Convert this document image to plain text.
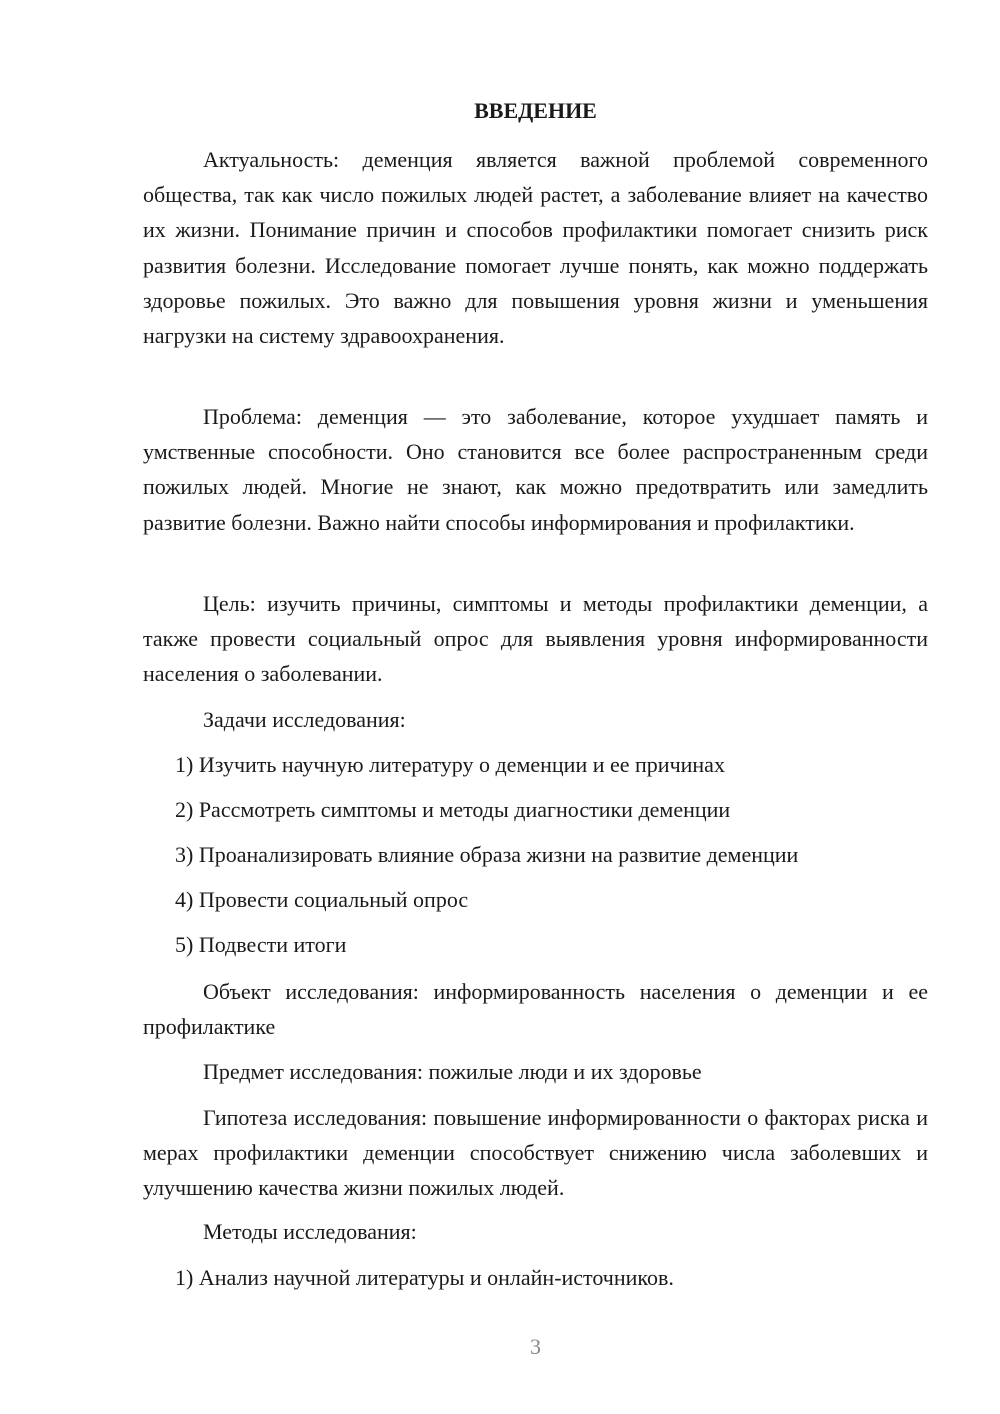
ВВЕДЕНИЕ

Актуальность: деменция является важной проблемой современного общества, так как число пожилых людей растет, а заболевание влияет на качество их жизни. Понимание причин и способов профилактики помогает снизить риск развития болезни. Исследование помогает лучше понять, как можно поддержать здоровье пожилых. Это важно для повышения уровня жизни и уменьшения нагрузки на систему здравоохранения.

Проблема: деменция — это заболевание, которое ухудшает память и умственные способности. Оно становится все более распространенным среди пожилых людей. Многие не знают, как можно предотвратить или замедлить развитие болезни. Важно найти способы информирования и профилактики.

Цель: изучить причины, симптомы и методы профилактики деменции, а также провести социальный опрос для выявления уровня информированности населения о заболевании.

Задачи исследования:

1) Изучить научную литературу о деменции и ее причинах

2) Рассмотреть симптомы и методы диагностики деменции

3) Проанализировать влияние образа жизни на развитие деменции

4) Провести социальный опрос

5) Подвести итоги

Объект исследования: информированность населения о деменции и ее профилактике

Предмет исследования: пожилые люди и их здоровье

Гипотеза исследования: повышение информированности о факторах риска и мерах профилактики деменции способствует снижению числа заболевших и улучшению качества жизни пожилых людей.

Методы исследования:

1) Анализ научной литературы и онлайн-источников.

3
